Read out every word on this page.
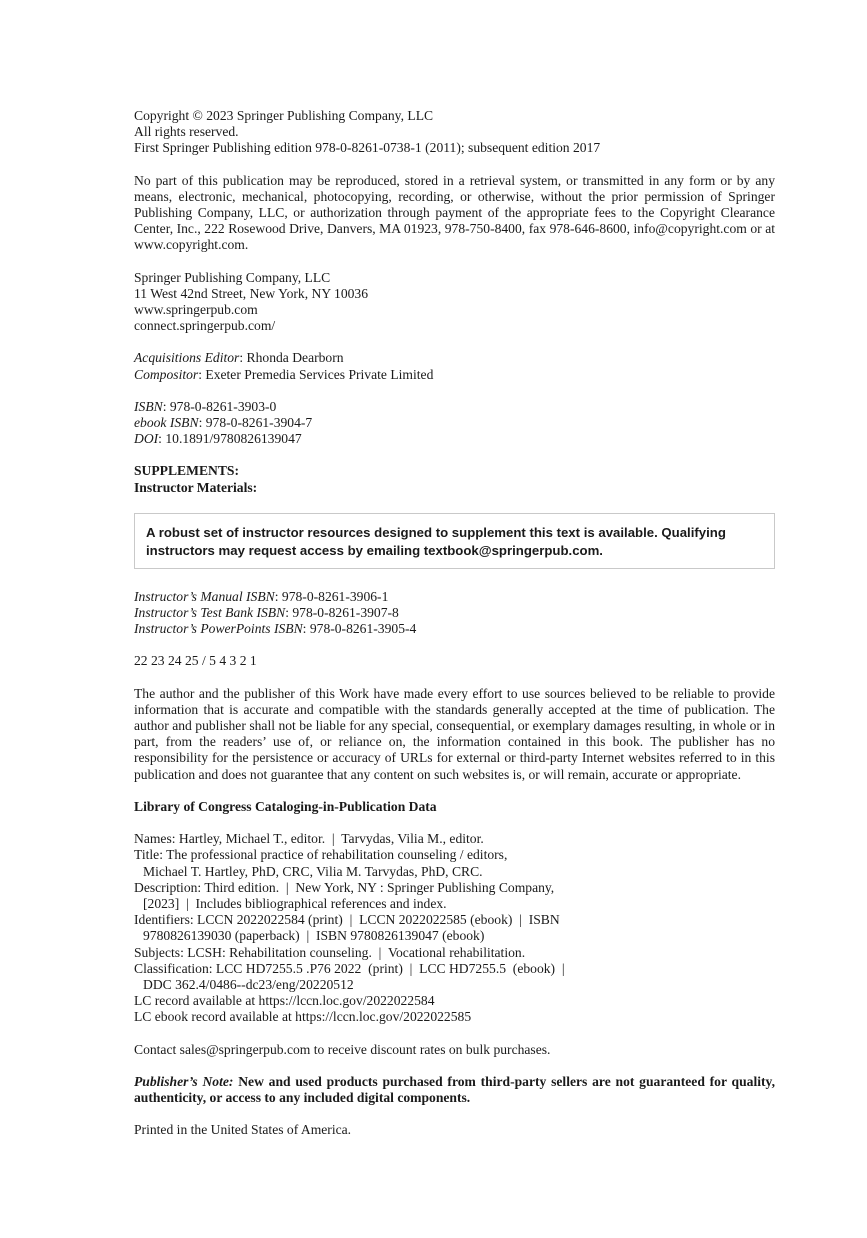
Copyright © 2023 Springer Publishing Company, LLC
All rights reserved.
First Springer Publishing edition 978-0-8261-0738-1 (2011); subsequent edition 2017
No part of this publication may be reproduced, stored in a retrieval system, or transmitted in any form or by any means, electronic, mechanical, photocopying, recording, or otherwise, without the prior permission of Springer Publishing Company, LLC, or authorization through payment of the appropriate fees to the Copyright Clearance Center, Inc., 222 Rosewood Drive, Danvers, MA 01923, 978-750-8400, fax 978-646-8600, info@copyright.com or at www.copyright.com.
Springer Publishing Company, LLC
11 West 42nd Street, New York, NY 10036
www.springerpub.com
connect.springerpub.com/
Acquisitions Editor: Rhonda Dearborn
Compositor: Exeter Premedia Services Private Limited
ISBN: 978-0-8261-3903-0
ebook ISBN: 978-0-8261-3904-7
DOI: 10.1891/9780826139047
SUPPLEMENTS:
Instructor Materials:
A robust set of instructor resources designed to supplement this text is available. Qualifying
instructors may request access by emailing textbook@springerpub.com.
Instructor’s Manual ISBN: 978-0-8261-3906-1
Instructor’s Test Bank ISBN: 978-0-8261-3907-8
Instructor’s PowerPoints ISBN: 978-0-8261-3905-4
22 23 24 25 / 5 4 3 2 1
The author and the publisher of this Work have made every effort to use sources believed to be reliable to provide information that is accurate and compatible with the standards generally accepted at the time of publication. The author and publisher shall not be liable for any special, consequential, or exemplary damages resulting, in whole or in part, from the readers’ use of, or reliance on, the information contained in this book. The publisher has no responsibility for the persistence or accuracy of URLs for external or third-party Internet websites referred to in this publication and does not guarantee that any content on such websites is, or will remain, accurate or appropriate.
Library of Congress Cataloging-in-Publication Data
Names: Hartley, Michael T., editor.  |  Tarvydas, Vilia M., editor.
Title: The professional practice of rehabilitation counseling / editors,
Michael T. Hartley, PhD, CRC, Vilia M. Tarvydas, PhD, CRC.
Description: Third edition.  |  New York, NY : Springer Publishing Company,
[2023]  |  Includes bibliographical references and index.
Identifiers: LCCN 2022022584 (print)  |  LCCN 2022022585 (ebook)  |  ISBN
9780826139030 (paperback)  |  ISBN 9780826139047 (ebook)
Subjects: LCSH: Rehabilitation counseling.  |  Vocational rehabilitation.
Classification: LCC HD7255.5 .P76 2022  (print)  |  LCC HD7255.5  (ebook)  |
DDC 362.4/0486--dc23/eng/20220512
LC record available at https://lccn.loc.gov/2022022584
LC ebook record available at https://lccn.loc.gov/2022022585
Contact sales@springerpub.com to receive discount rates on bulk purchases.
Publisher’s Note: New and used products purchased from third-party sellers are not guaranteed for quality, authenticity, or access to any included digital components.
Printed in the United States of America.
